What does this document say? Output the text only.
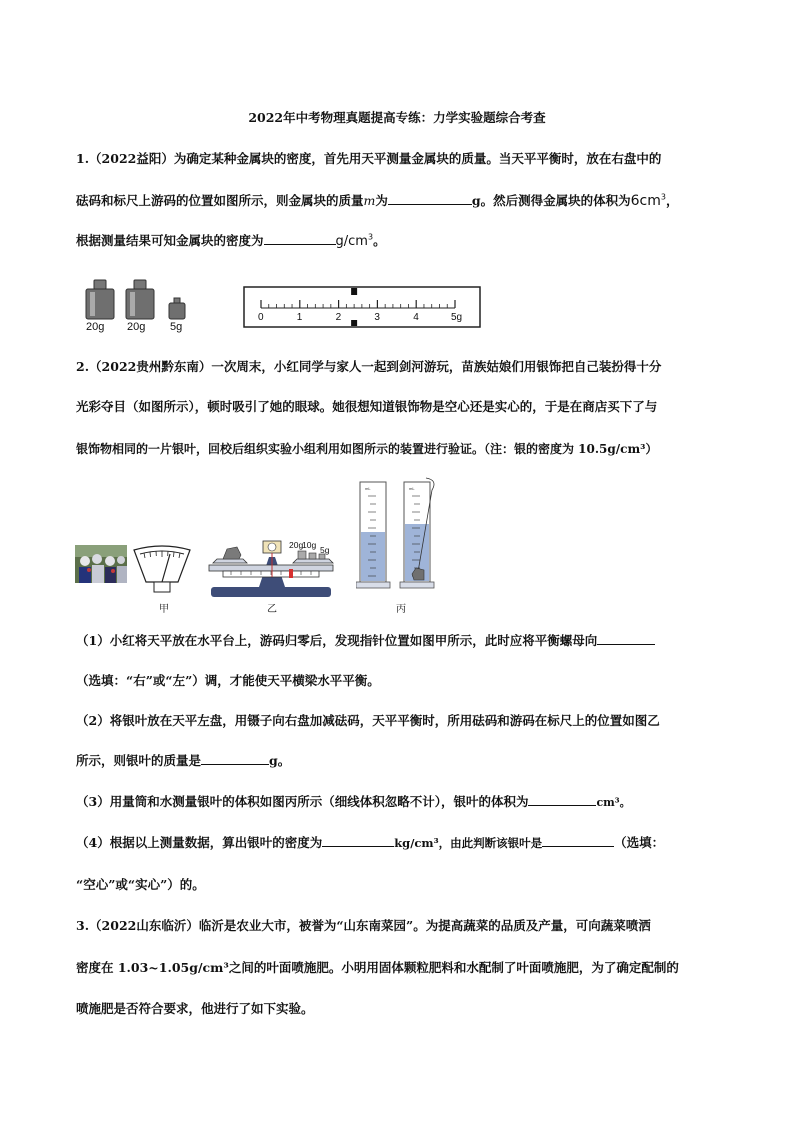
2022年中考物理真题提高专练：力学实验题综合考查
1.（2022益阳）为确定某种金属块的密度，首先用天平测量金属块的质量。当天平平衡时，放在右盘中的
砝码和标尺上游码的位置如图所示，则金属块的质量m为	g。然后测得金属块的体积为$6cm^3$，
根据测量结果可知金属块的密度为	$g/cm^3$。
20g 20g 5g
0	1	2	3	4	5g
2.（2022贵州黔东南）一次周末，小红同学与家人一起到剑河游玩，苗族姑娘们用银饰把自己装扮得十分
光彩夺目（如图所示），顿时吸引了她的眼球。她很想知道银饰物是空心还是实心的，于是在商店买下了与
银饰物相同的一片银叶，回校后组织实验小组利用如图所示的装置进行验证。（注：银的密度为 10.5g/cm³）
甲
20g
10g 5g
乙
mL	mL
丙
（1）小红将天平放在水平台上，游码归零后，发现指针位置如图甲所示，此时应将平衡螺母向
（选填：“右”或“左”）调，才能使天平横梁水平平衡。
（2）将银叶放在天平左盘，用镊子向右盘加减砝码，天平平衡时，所用砝码和游码在标尺上的位置如图乙
所示，则银叶的质量是	g。
（3）用量筒和水测量银叶的体积如图丙所示（细线体积忽略不计），银叶的体积为	cm³。
（4）根据以上测量数据，算出银叶的密度为	kg/cm³，由此判断该银叶是	（选填：
“空心”或“实心”）的。
3.（2022山东临沂）临沂是农业大市，被誉为“山东南菜园”。为提高蔬菜的品质及产量，可向蔬菜喷洒
密度在 1.03~1.05g/cm³之间的叶面喷施肥。小明用固体颗粒肥料和水配制了叶面喷施肥，为了确定配制的
喷施肥是否符合要求，他进行了如下实验。
